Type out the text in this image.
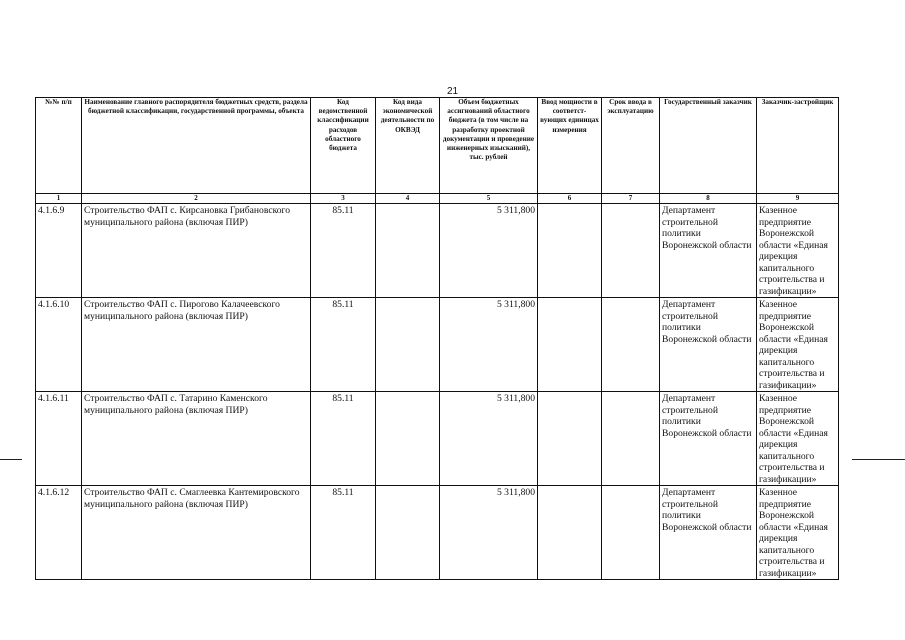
21
№№ п/п	Наименование главного распорядителя бюджетных средств, раздела бюджетной классификации, государственной программы, объекта	Код ведомственной классификации расходов областного бюджета	Код вида экономической деятельности по ОКВЭД	Объем бюджетных ассигнований областного бюджета (в том числе на разработку проектной документации и проведение инженерных изысканий), тыс. рублей	Ввод мощности в соответст-вующих единицах измерения	Срок ввода в эксплуатацию	Государственный заказчик	Заказчик-застройщик
1	2	3	4	5	6	7	8	9
4.1.6.9	Строительство ФАП с. Кирсановка Грибановского муниципального района (включая ПИР)	85.11		5 311,800			Департамент строительной политики Воронежской области	Казенное предприятие Воронежской области «Единая дирекция капитального строительства и газификации»
4.1.6.10	Строительство ФАП с. Пирогово Калачеевского муниципального района (включая ПИР)	85.11		5 311,800			Департамент строительной политики Воронежской области	Казенное предприятие Воронежской области «Единая дирекция капитального строительства и газификации»
4.1.6.11	Строительство ФАП с. Татарино Каменского муниципального района (включая ПИР)	85.11		5 311,800			Департамент строительной политики Воронежской области	Казенное предприятие Воронежской области «Единая дирекция капитального строительства и газификации»
4.1.6.12	Строительство ФАП с. Смаглеевка Кантемировского муниципального района (включая ПИР)	85.11		5 311,800			Департамент строительной политики Воронежской области	Казенное предприятие Воронежской области «Единая дирекция капитального строительства и газификации»
